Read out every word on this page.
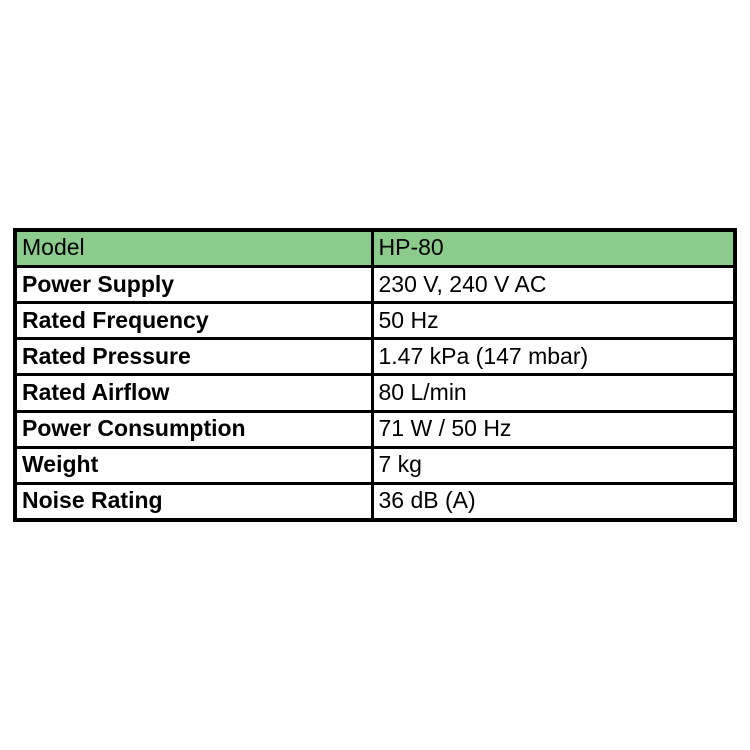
Model	HP-80
Power Supply	230 V, 240 V AC
Rated Frequency	50 Hz
Rated Pressure	1.47 kPa (147 mbar)
Rated Airflow	80 L/min
Power Consumption	71 W / 50 Hz
Weight	7 kg
Noise Rating	36 dB (A)
